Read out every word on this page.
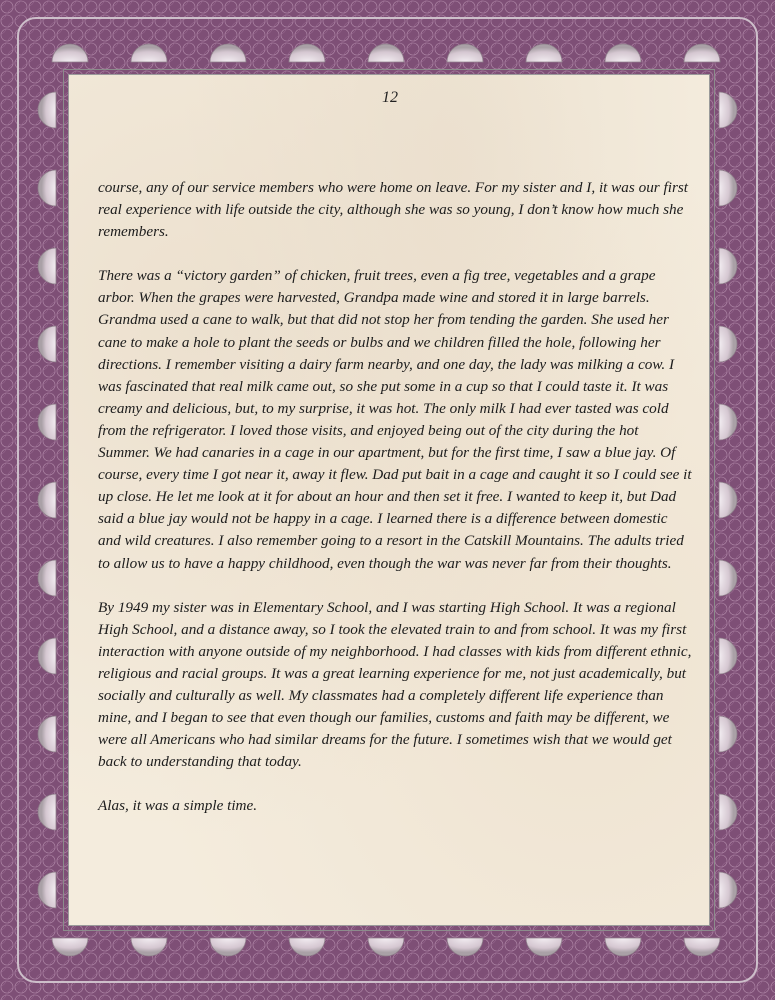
12

course, any of our service members who were home on leave. For my sister and I, it was our first real experience with life outside the city, although she was so young, I don’t know how much she remembers.

There was a “victory garden” of chicken, fruit trees, even a fig tree, vegetables and a grape arbor. When the grapes were harvested, Grandpa made wine and stored it in large barrels. Grandma used a cane to walk, but that did not stop her from tending the garden. She used her cane to make a hole to plant the seeds or bulbs and we children filled the hole, following her directions. I remember visiting a dairy farm nearby, and one day, the lady was milking a cow. I was fascinated that real milk came out, so she put some in a cup so that I could taste it. It was creamy and delicious, but, to my surprise, it was hot. The only milk I had ever tasted was cold from the refrigerator. I loved those visits, and enjoyed being out of the city during the hot Summer. We had canaries in a cage in our apartment, but for the first time, I saw a blue jay. Of course, every time I got near it, away it flew. Dad put bait in a cage and caught it so I could see it up close. He let me look at it for about an hour and then set it free. I wanted to keep it, but Dad said a blue jay would not be happy in a cage. I learned there is a difference between domestic and wild creatures. I also remember going to a resort in the Catskill Mountains. The adults tried to allow us to have a happy childhood, even though the war was never far from their thoughts.

By 1949 my sister was in Elementary School, and I was starting High School. It was a regional High School, and a distance away, so I took the elevated train to and from school. It was my first interaction with anyone outside of my neighborhood. I had classes with kids from different ethnic, religious and racial groups. It was a great learning experience for me, not just academically, but socially and culturally as well. My classmates had a completely different life experience than mine, and I began to see that even though our families, customs and faith may be different, we were all Americans who had similar dreams for the future. I sometimes wish that we would get back to understanding that today.

Alas, it was a simple time.
